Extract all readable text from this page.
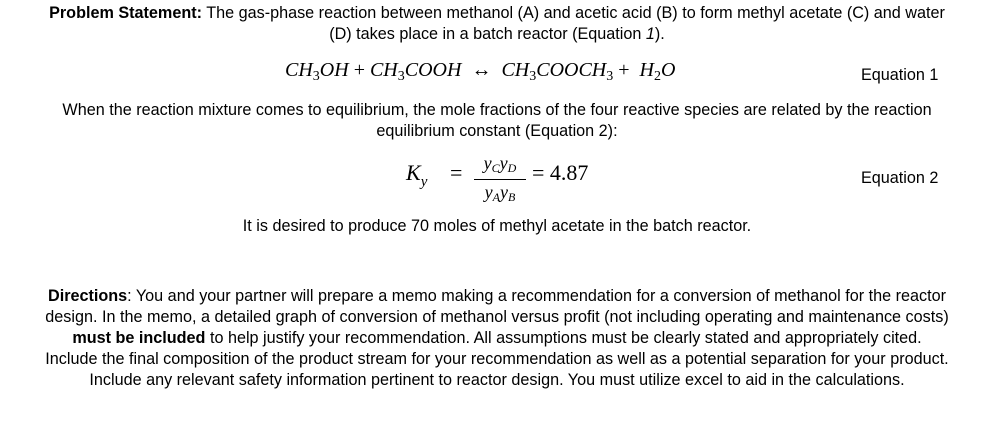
Problem Statement: The gas-phase reaction between methanol (A) and acetic acid (B) to form methyl acetate (C) and water (D) takes place in a batch reactor (Equation 1).
$CH_3OH$ + $CH_3COOH$  ↔  $CH_3COOCH_3 + H_2O$	Equation 1
When the reaction mixture comes to equilibrium, the mole fractions of the four reactive species are related by the reaction equilibrium constant (Equation 2):
$K_y$ =	$y_Cy_D$
$y_Ay_B$
= 4.87	Equation 2
It is desired to produce 70 moles of methyl acetate in the batch reactor.
Directions: You and your partner will prepare a memo making a recommendation for a conversion of methanol for the reactor design. In the memo, a detailed graph of conversion of methanol versus profit (not including operating and maintenance costs) must be included to help justify your recommendation. All assumptions must be clearly stated and appropriately cited. Include the final composition of the product stream for your recommendation as well as a potential separation for your product. Include any relevant safety information pertinent to reactor design. You must utilize excel to aid in the calculations.
